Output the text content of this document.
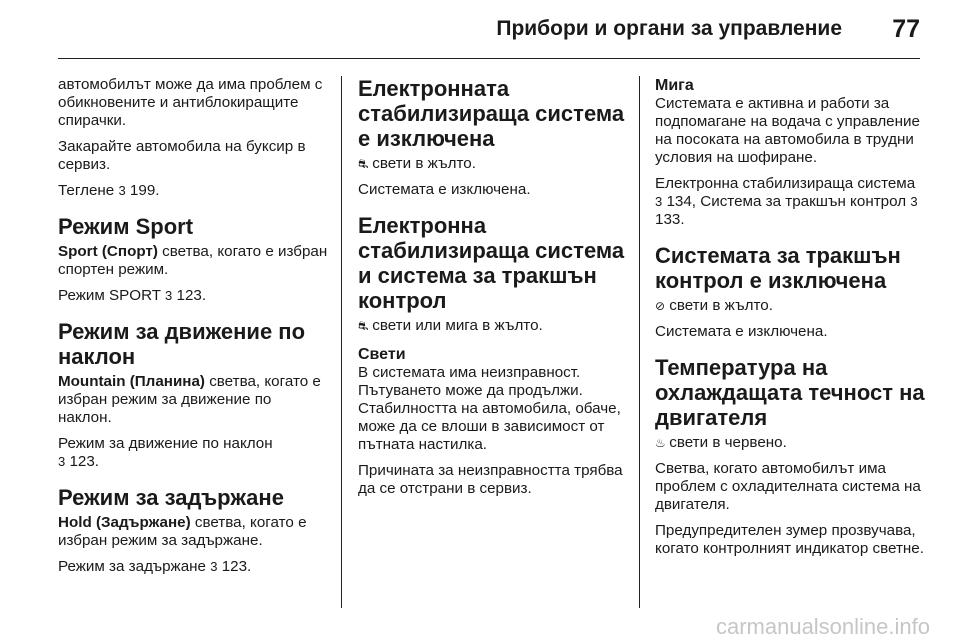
Прибори и органи за управление 77

автомобилът може да има проблем с обикновените и антиблокиращите спирачки.

Закарайте автомобила на буксир в сервиз.

Теглене 3 199.

Режим Sport

Sport (Спорт) светва, когато е избран спортен режим.

Режим SPORT 3 123.

Режим за движение по наклон

Mountain (Планина) светва, когато е избран режим за движение по наклон.

Режим за движение по наклон
3 123.

Режим за задържане

Hold (Задържане) светва, когато е избран режим за задържане.

Режим за задържане 3 123.

Електронната стабилизираща система е изключена

⛐ свети в жълто.

Системата е изключена.

Електронна стабилизираща система и система за тракшън контрол

⛐ свети или мига в жълто.

Свети

В системата има неизправност. Пътуването може да продължи. Стабилността на автомобила, обаче, може да се влоши в зависимост от пътната настилка.

Причината за неизправността трябва да се отстрани в сервиз.

Мига

Системата е активна и работи за подпомагане на водача с управление на посоката на автомобила в трудни условия на шофиране.

Електронна стабилизираща система 3 134, Система за тракшън контрол 3 133.

Системата за тракшън контрол е изключена

⊘ свети в жълто.

Системата е изключена.

Температура на охлаждащата течност на двигателя

♨ свети в червено.

Светва, когато автомобилът има проблем с охладителната система на двигателя.

Предупредителен зумер прозвучава, когато контролният индикатор светне.

carmanualsonline.info
